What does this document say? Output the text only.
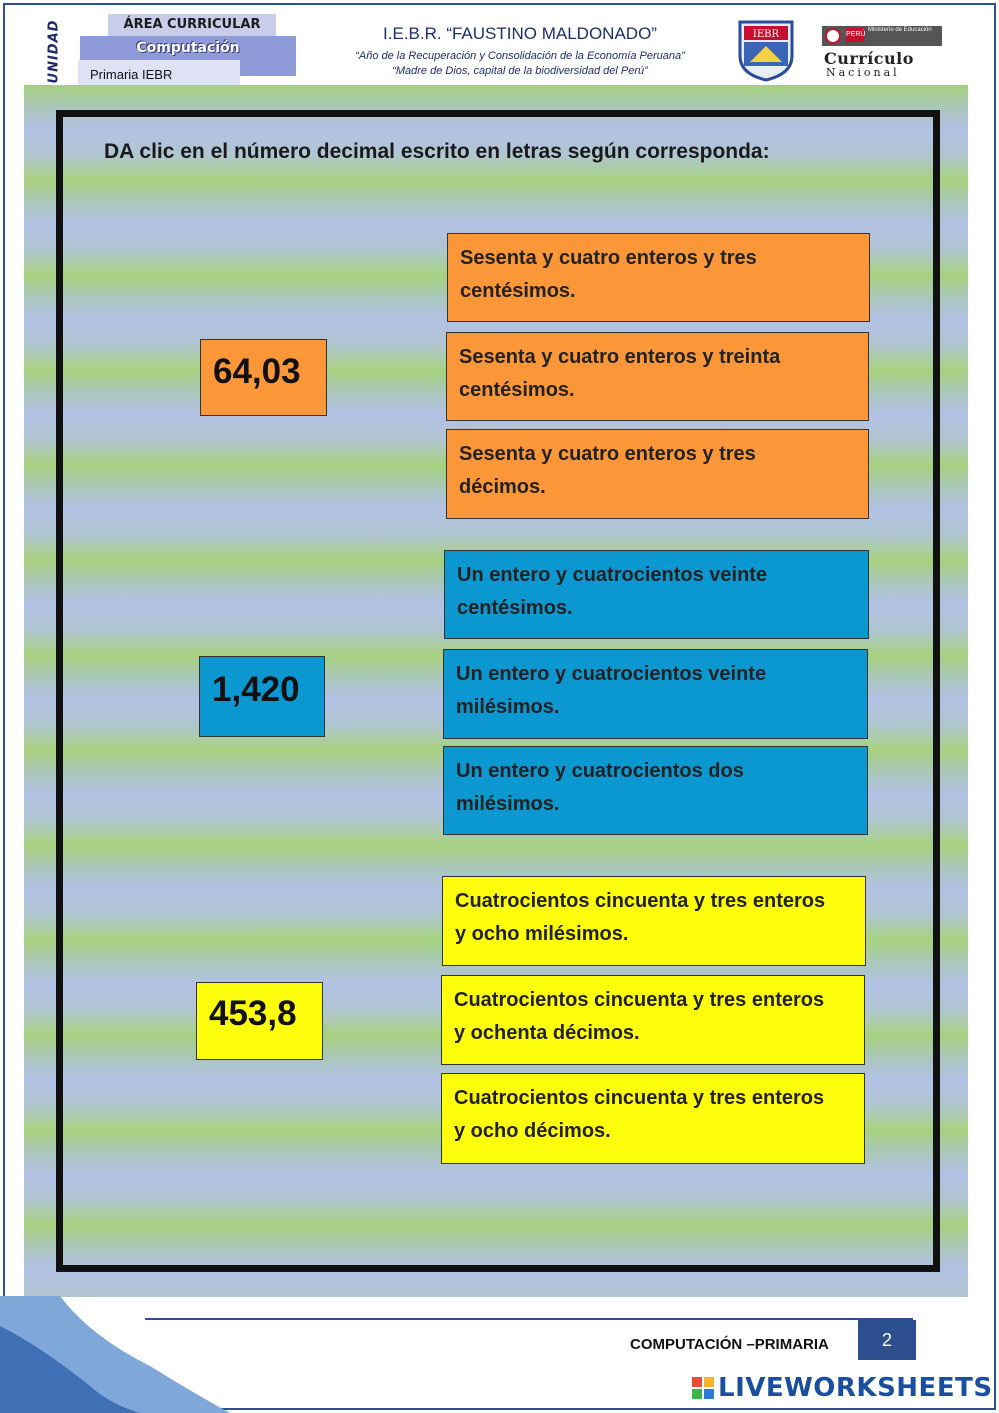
UNIDAD	Computación
ÁREA CURRICULAR
Primaria IEBR
I.E.B.R. “FAUSTINO MALDONADO”
“Año de la Recuperación y Consolidación de la Economía Peruana”
“Madre de Dios, capital de la biodiversidad del Perú”
IEBR	PERÚ
Ministerio de Educación
Currículo
Nacional
DA clic en el número decimal escrito en letras según corresponda:
64,03
Sesenta y cuatro enteros y tres
centésimos.
Sesenta y cuatro enteros y treinta
centésimos.
Sesenta y cuatro enteros y tres
décimos.
1,420
Un entero y cuatrocientos veinte
centésimos.
Un entero y cuatrocientos veinte
milésimos.
Un entero y cuatrocientos dos
milésimos.
453,8
Cuatrocientos cincuenta y tres enteros
y ocho milésimos.
Cuatrocientos cincuenta y tres enteros
y ochenta décimos.
Cuatrocientos cincuenta y tres enteros
y ocho décimos.
COMPUTACIÓN –PRIMARIA	2
LIVEWORKSHEETS
